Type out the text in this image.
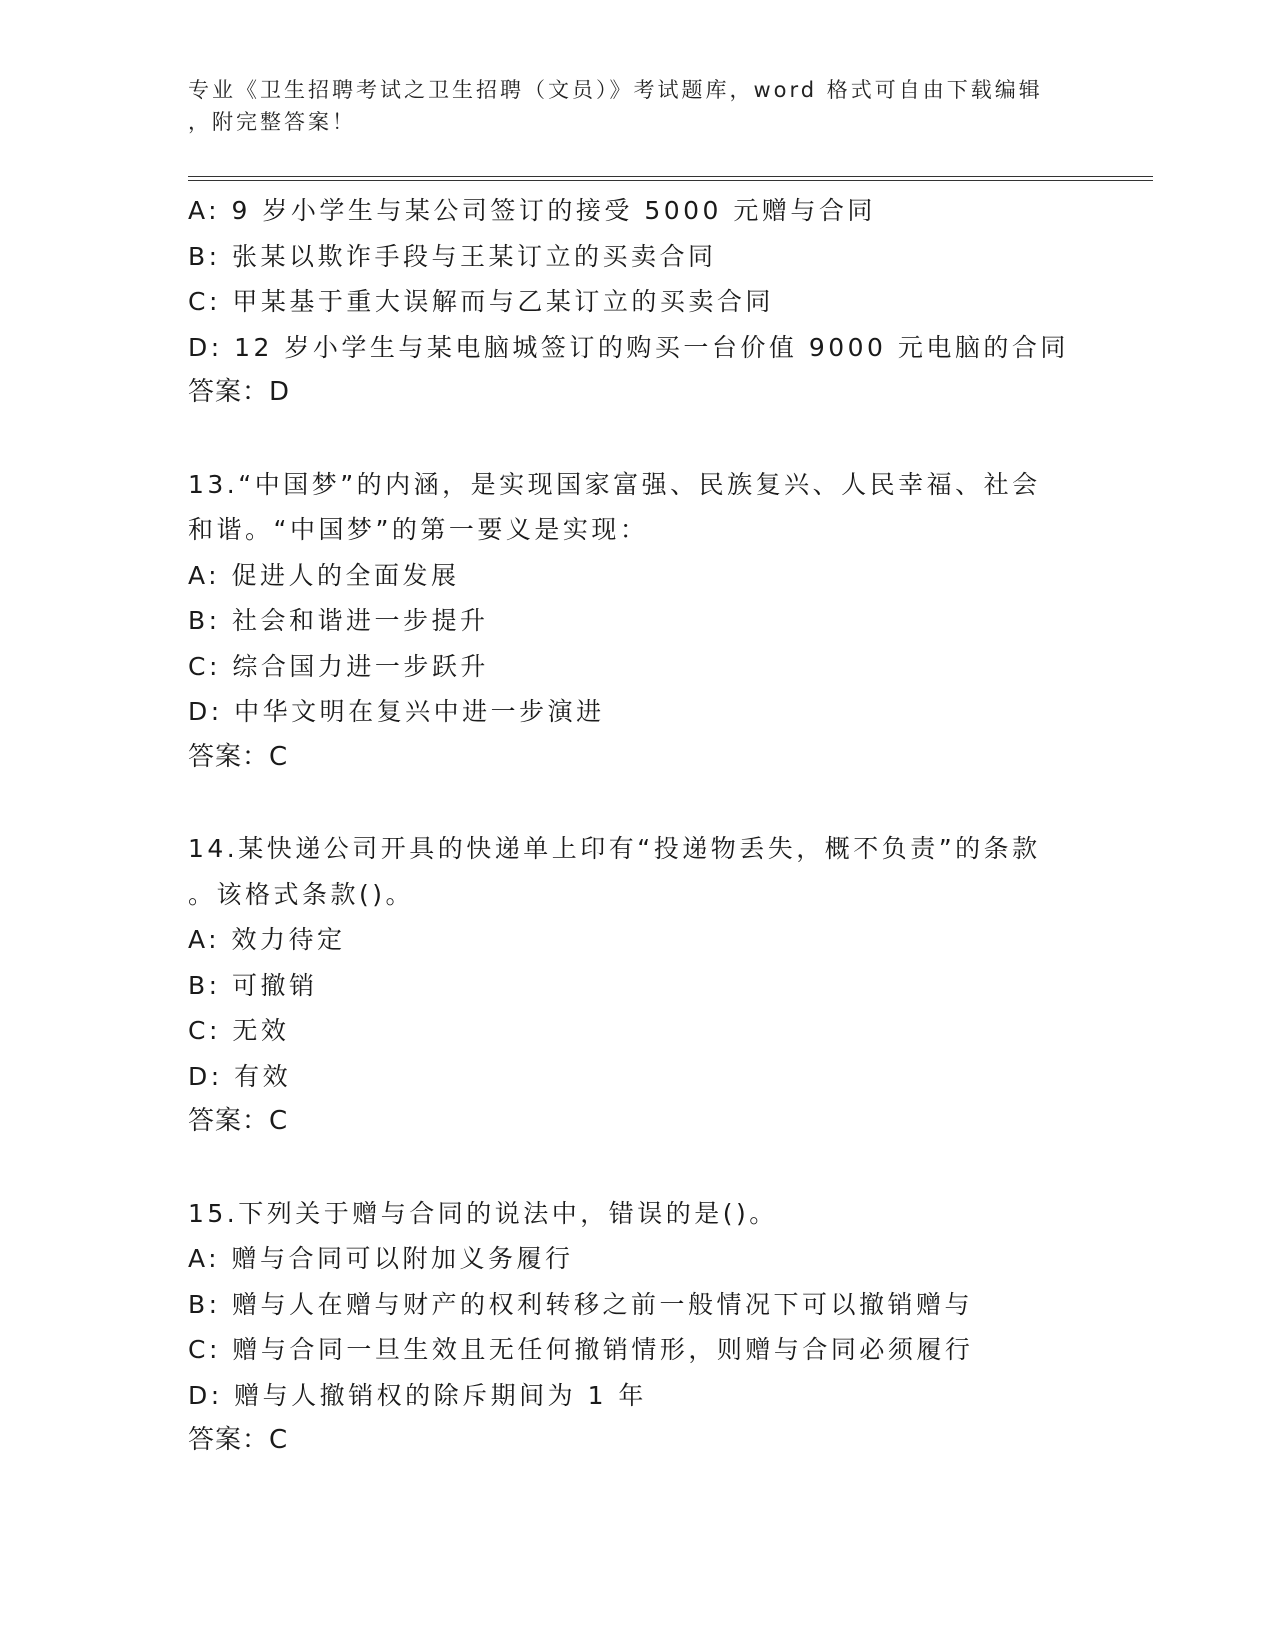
专业《卫生招聘考试之卫生招聘（文员）》考试题库，word 格式可自由下载编辑
，附完整答案！
A: 9 岁小学生与某公司签订的接受 5000 元赠与合同
B: 张某以欺诈手段与王某订立的买卖合同
C: 甲某基于重大误解而与乙某订立的买卖合同
D: 12 岁小学生与某电脑城签订的购买一台价值 9000 元电脑的合同
答案：D
13.“中国梦”的内涵，是实现国家富强、民族复兴、人民幸福、社会
和谐。“中国梦”的第一要义是实现：
A: 促进人的全面发展
B: 社会和谐进一步提升
C: 综合国力进一步跃升
D: 中华文明在复兴中进一步演进
答案：C
14.某快递公司开具的快递单上印有“投递物丢失，概不负责”的条款
。该格式条款()。
A: 效力待定
B: 可撤销
C: 无效
D: 有效
答案：C
15.下列关于赠与合同的说法中，错误的是()。
A: 赠与合同可以附加义务履行
B: 赠与人在赠与财产的权利转移之前一般情况下可以撤销赠与
C: 赠与合同一旦生效且无任何撤销情形，则赠与合同必须履行
D: 赠与人撤销权的除斥期间为 1 年
答案：C
